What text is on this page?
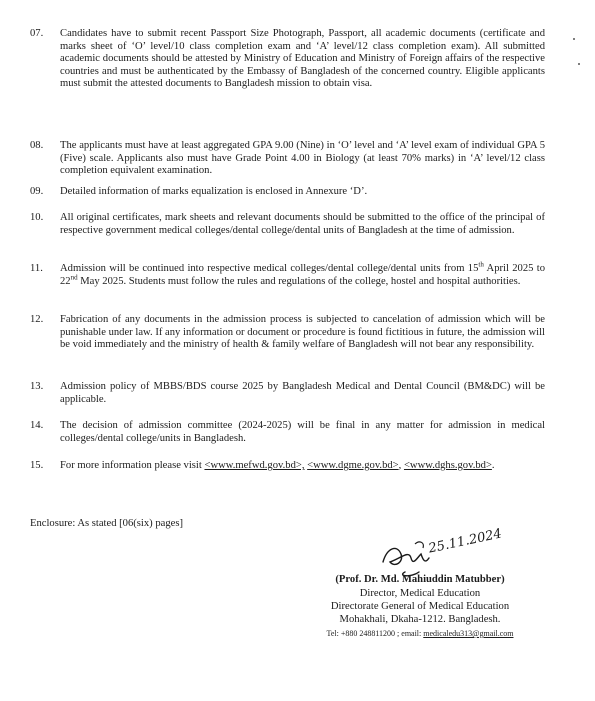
07.	Candidates have to submit recent Passport Size Photograph, Passport, all academic documents (certificate and marks sheet of ‘O’ level/10 class completion exam and ‘A’ level/12 class completion exam). All submitted academic documents should be attested by Ministry of Education and Ministry of Foreign affairs of the respective countries and must be authenticated by the Embassy of Bangladesh of the concerned country. Eligible applicants must submit the attested documents to Bangladesh mission to obtain visa.
08.	The applicants must have at least aggregated GPA 9.00 (Nine) in ‘O’ level and ‘A’ level exam of individual GPA 5 (Five) scale. Applicants also must have Grade Point 4.00 in Biology (at least 70% marks) in ‘A’ level/12 class completion equivalent examination.
09.	Detailed information of marks equalization is enclosed in Annexure ‘D’.
10.	All original certificates, mark sheets and relevant documents should be submitted to the office of the principal of respective government medical colleges/dental college/dental units of Bangladesh at the time of admission.
11.	Admission will be continued into respective medical colleges/dental college/dental units from 15th April 2025 to 22nd May 2025. Students must follow the rules and regulations of the college, hostel and hospital authorities.
12.	Fabrication of any documents in the admission process is subjected to cancelation of admission which will be punishable under law. If any information or document or procedure is found fictitious in future, the admission will be void immediately and the ministry of health & family welfare of Bangladesh will not bear any responsibility.
13.	Admission policy of MBBS/BDS course 2025 by Bangladesh Medical and Dental Council (BM&DC) will be applicable.
14.	The decision of admission committee (2024-2025) will be final in any matter for admission in medical colleges/dental college/units in Bangladesh.
15.	For more information please visit <www.mefwd.gov.bd>, <www.dgme.gov.bd>, <www.dghs.gov.bd>.
Enclosure: As stated [06(six) pages]
25.11.2024
(Prof. Dr. Md. Mahiuddin Matubber)
Director, Medical Education
Directorate General of Medical Education
Mohakhali, Dkaha-1212. Bangladesh.
Tel: +880 248811200 ; email: medicaledu313@gmail.com
